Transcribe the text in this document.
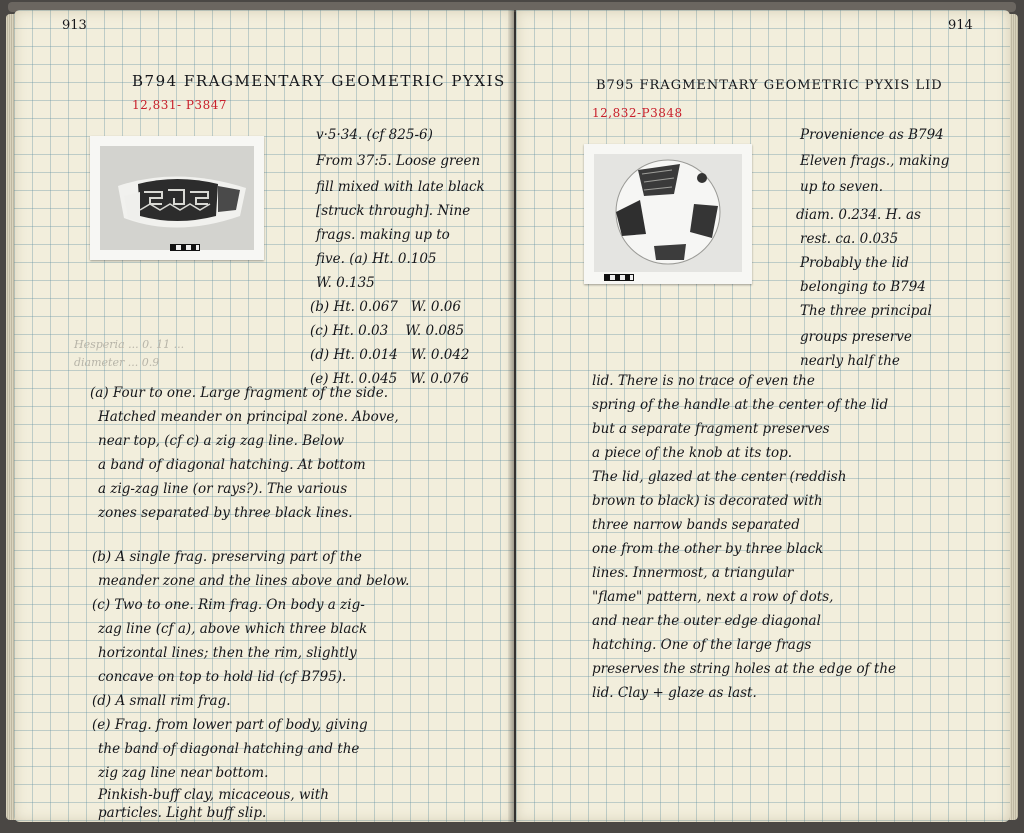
913
B794 FRAGMENTARY GEOMETRIC PYXIS
12,831- P3847
v·5·34. (cf 825-6)
From 37:5. Loose green
fill mixed with late black
[struck through]. Nine
frags. making up to
five. (a) Ht. 0.105
W. 0.135
(b) Ht. 0.067   W. 0.06
(c) Ht. 0.03    W. 0.085
(d) Ht. 0.014   W. 0.042
(e) Ht. 0.045   W. 0.076
Hesperia ... 0. 11 ...
diameter ... 0.9
(a) Four to one. Large fragment of the side.
Hatched meander on principal zone. Above,
near top, (cf c) a zig zag line. Below
a band of diagonal hatching. At bottom
a zig-zag line (or rays?). The various
zones separated by three black lines.
(b) A single frag. preserving part of the
meander zone and the lines above and below.
(c) Two to one. Rim frag. On body a zig-
zag line (cf a), above which three black
horizontal lines; then the rim, slightly
concave on top to hold lid (cf B795).
(d) A small rim frag.
(e) Frag. from lower part of body, giving
the band of diagonal hatching and the
zig zag line near bottom.
Pinkish-buff clay, micaceous, with
particles. Light buff slip.
914
B795 FRAGMENTARY GEOMETRIC PYXIS LID
12,832-P3848
Provenience as B794
Eleven frags., making
up to seven.
diam. 0.234. H. as
rest. ca. 0.035
Probably the lid
belonging to B794
The three principal
groups preserve
nearly half the
lid. There is no trace of even the
spring of the handle at the center of the lid
but a separate fragment preserves
a piece of the knob at its top.
The lid, glazed at the center (reddish
brown to black) is decorated with
three narrow bands separated
one from the other by three black
lines. Innermost, a triangular
"flame" pattern, next a row of dots,
and near the outer edge diagonal
hatching. One of the large frags
preserves the string holes at the edge of the
lid. Clay + glaze as last.
